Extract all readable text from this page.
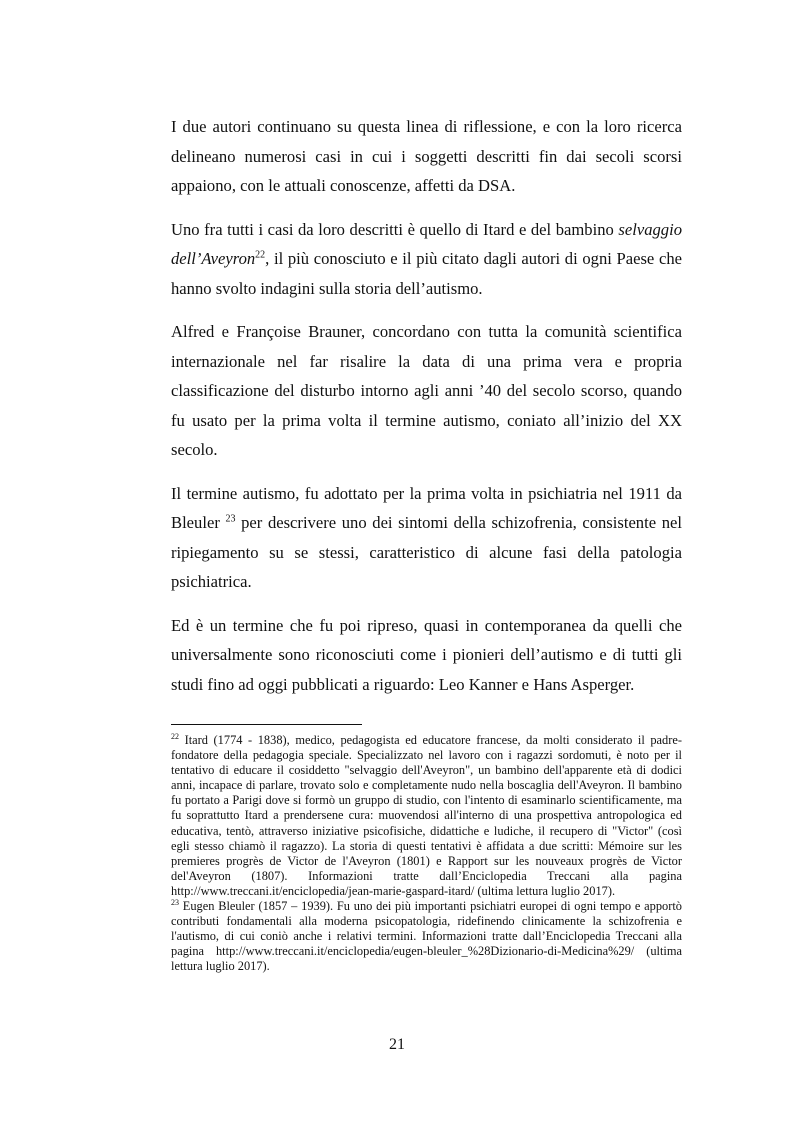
I due autori continuano su questa linea di riflessione, e con la loro ricerca delineano numerosi casi in cui i soggetti descritti fin dai secoli scorsi appaiono, con le attuali conoscenze, affetti da DSA.

Uno fra tutti i casi da loro descritti è quello di Itard e del bambino selvaggio dell’Aveyron$^{22}$, il più conosciuto e il più citato dagli autori di ogni Paese che hanno svolto indagini sulla storia dell’autismo.

Alfred e Françoise Brauner, concordano con tutta la comunità scientifica internazionale nel far risalire la data di una prima vera e propria classificazione del disturbo intorno agli anni ’40 del secolo scorso, quando fu usato per la prima volta il termine autismo, coniato all’inizio del XX secolo.

Il termine autismo, fu adottato per la prima volta in psichiatria nel 1911 da Bleuler $^{23}$ per descrivere uno dei sintomi della schizofrenia, consistente nel ripiegamento su se stessi, caratteristico di alcune fasi della patologia psichiatrica.

Ed è un termine che fu poi ripreso, quasi in contemporanea da quelli che universalmente sono riconosciuti come i pionieri dell’autismo e di tutti gli studi fino ad oggi pubblicati a riguardo: Leo Kanner e Hans Asperger.

$^{22}$ Itard (1774 - 1838), medico, pedagogista ed educatore francese, da molti considerato il padre-fondatore della pedagogia speciale. Specializzato nel lavoro con i ragazzi sordomuti, è noto per il tentativo di educare il cosiddetto "selvaggio dell'Aveyron", un bambino dell'apparente età di dodici anni, incapace di parlare, trovato solo e completamente nudo nella boscaglia dell'Aveyron. Il bambino fu portato a Parigi dove si formò un gruppo di studio, con l'intento di esaminarlo scientificamente, ma fu soprattutto Itard a prendersene cura: muovendosi all'interno di una prospettiva antropologica ed educativa, tentò, attraverso iniziative psicofisiche, didattiche e ludiche, il recupero di "Victor" (così egli stesso chiamò il ragazzo). La storia di questi tentativi è affidata a due scritti: Mémoire sur les premieres progrès de Victor de l'Aveyron (1801) e Rapport sur les nouveaux progrès de Victor del'Aveyron (1807). Informazioni tratte dall’Enciclopedia Treccani alla pagina http://www.treccani.it/enciclopedia/jean-marie-gaspard-itard/ (ultima lettura luglio 2017).

$^{23}$ Eugen Bleuler (1857 – 1939). Fu uno dei più importanti psichiatri europei di ogni tempo e apportò contributi fondamentali alla moderna psicopatologia, ridefinendo clinicamente la schizofrenia e l'autismo, di cui coniò anche i relativi termini. Informazioni tratte dall’Enciclopedia Treccani alla pagina http://www.treccani.it/enciclopedia/eugen-bleuler_%28Dizionario-di-Medicina%29/ (ultima lettura luglio 2017).

21
